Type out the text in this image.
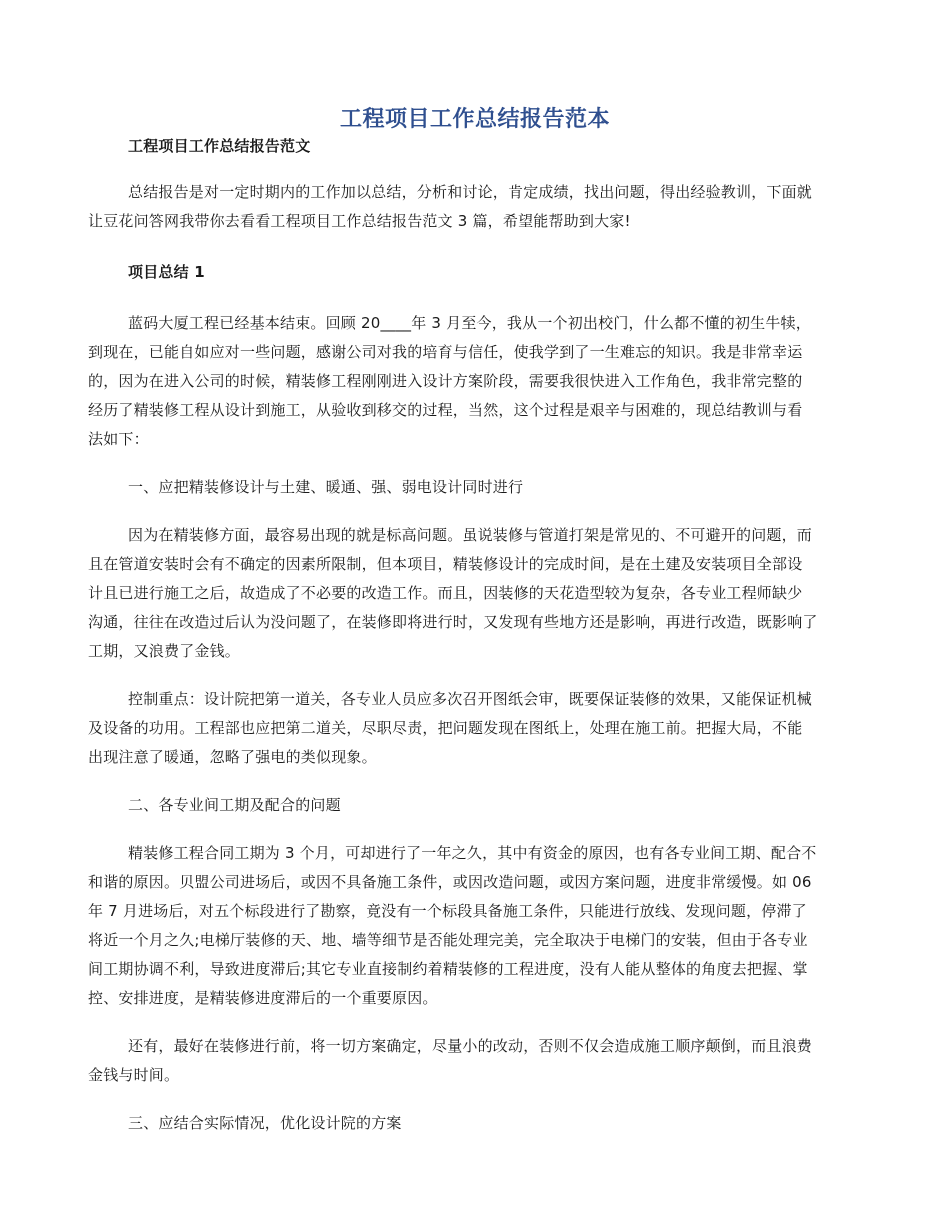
工程项目工作总结报告范本

工程项目工作总结报告范文

总结报告是对一定时期内的工作加以总结，分析和讨论，肯定成绩，找出问题，得出经验教训，下面就

让豆花问答网我带你去看看工程项目工作总结报告范文 3 篇，希望能帮助到大家!

项目总结 1

蓝码大厦工程已经基本结束。回顾 20____年 3 月至今，我从一个初出校门，什么都不懂的初生牛犊，

到现在，已能自如应对一些问题，感谢公司对我的培育与信任，使我学到了一生难忘的知识。我是非常幸运

的，因为在进入公司的时候，精装修工程刚刚进入设计方案阶段，需要我很快进入工作角色，我非常完整的

经历了精装修工程从设计到施工，从验收到移交的过程，当然，这个过程是艰辛与困难的，现总结教训与看

法如下：

一、应把精装修设计与土建、暖通、强、弱电设计同时进行

因为在精装修方面，最容易出现的就是标高问题。虽说装修与管道打架是常见的、不可避开的问题，而

且在管道安装时会有不确定的因素所限制，但本项目，精装修设计的完成时间，是在土建及安装项目全部设

计且已进行施工之后，故造成了不必要的改造工作。而且，因装修的天花造型较为复杂，各专业工程师缺少

沟通，往往在改造过后认为没问题了，在装修即将进行时，又发现有些地方还是影响，再进行改造，既影响了

工期，又浪费了金钱。

控制重点：设计院把第一道关，各专业人员应多次召开图纸会审，既要保证装修的效果，又能保证机械

及设备的功用。工程部也应把第二道关，尽职尽责，把问题发现在图纸上，处理在施工前。把握大局，不能

出现注意了暖通，忽略了强电的类似现象。

二、各专业间工期及配合的问题

精装修工程合同工期为 3 个月，可却进行了一年之久，其中有资金的原因，也有各专业间工期、配合不

和谐的原因。贝盟公司进场后，或因不具备施工条件，或因改造问题，或因方案问题，进度非常缓慢。如 06

年 7 月进场后，对五个标段进行了勘察，竟没有一个标段具备施工条件，只能进行放线、发现问题，停滞了

将近一个月之久;电梯厅装修的天、地、墙等细节是否能处理完美，完全取决于电梯门的安装，但由于各专业

间工期协调不利，导致进度滞后;其它专业直接制约着精装修的工程进度，没有人能从整体的角度去把握、掌

控、安排进度，是精装修进度滞后的一个重要原因。

还有，最好在装修进行前，将一切方案确定，尽量小的改动，否则不仅会造成施工顺序颠倒，而且浪费

金钱与时间。

三、应结合实际情况，优化设计院的方案
